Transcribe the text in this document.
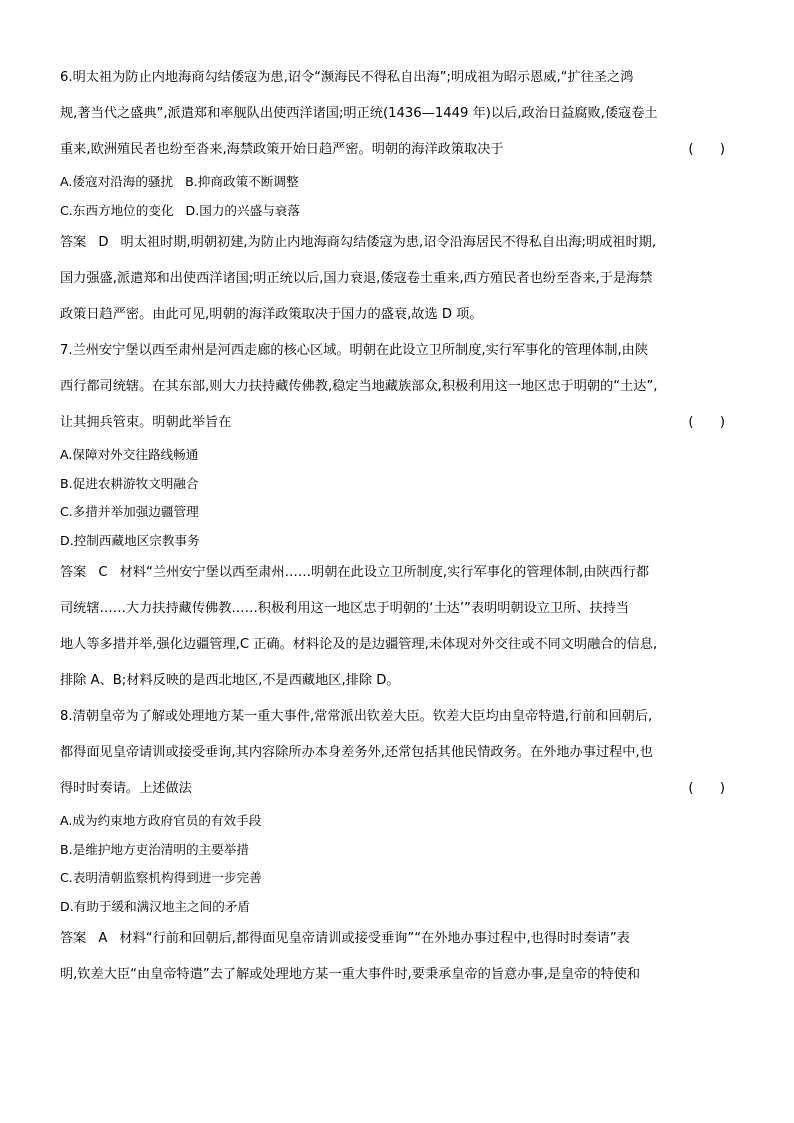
6.明太祖为防止内地海商勾结倭寇为患,诏令“濒海民不得私自出海”;明成祖为昭示恩威,“扩往圣之鸿
规,著当代之盛典”,派遣郑和率舰队出使西洋诸国;明正统(1436—1449 年)以后,政治日益腐败,倭寇卷土
重来,欧洲殖民者也纷至沓来,海禁政策开始日趋严密。明朝的海洋政策取决于	(　　)
A.倭寇对沿海的骚扰 B.抑商政策不断调整
C.东西方地位的变化 D.国力的兴盛与衰落
答案 D 明太祖时期,明朝初建,为防止内地海商勾结倭寇为患,诏令沿海居民不得私自出海;明成祖时期,
国力强盛,派遣郑和出使西洋诸国;明正统以后,国力衰退,倭寇卷土重来,西方殖民者也纷至沓来,于是海禁
政策日趋严密。由此可见,明朝的海洋政策取决于国力的盛衰,故选 D 项。
7.兰州安宁堡以西至肃州是河西走廊的核心区域。明朝在此设立卫所制度,实行军事化的管理体制,由陕
西行都司统辖。在其东部,则大力扶持藏传佛教,稳定当地藏族部众,积极利用这一地区忠于明朝的“土达”,
让其拥兵管束。明朝此举旨在	(　　)
A.保障对外交往路线畅通
B.促进农耕游牧文明融合
C.多措并举加强边疆管理
D.控制西藏地区宗教事务
答案 C 材料“兰州安宁堡以西至肃州……明朝在此设立卫所制度,实行军事化的管理体制,由陕西行都
司统辖……大力扶持藏传佛教……积极利用这一地区忠于明朝的‘土达’”表明明朝设立卫所、扶持当
地人等多措并举,强化边疆管理,C 正确。材料论及的是边疆管理,未体现对外交往或不同文明融合的信息,
排除 A、B;材料反映的是西北地区,不是西藏地区,排除 D。
8.清朝皇帝为了解或处理地方某一重大事件,常常派出钦差大臣。钦差大臣均由皇帝特遣,行前和回朝后,
都得面见皇帝请训或接受垂询,其内容除所办本身差务外,还常包括其他民情政务。在外地办事过程中,也
得时时奏请。上述做法	(　　)
A.成为约束地方政府官员的有效手段
B.是维护地方吏治清明的主要举措
C.表明清朝监察机构得到进一步完善
D.有助于缓和满汉地主之间的矛盾
答案 A 材料“行前和回朝后,都得面见皇帝请训或接受垂询”“在外地办事过程中,也得时时奏请”表
明,钦差大臣“由皇帝特遣”去了解或处理地方某一重大事件时,要秉承皇帝的旨意办事,是皇帝的特使和
